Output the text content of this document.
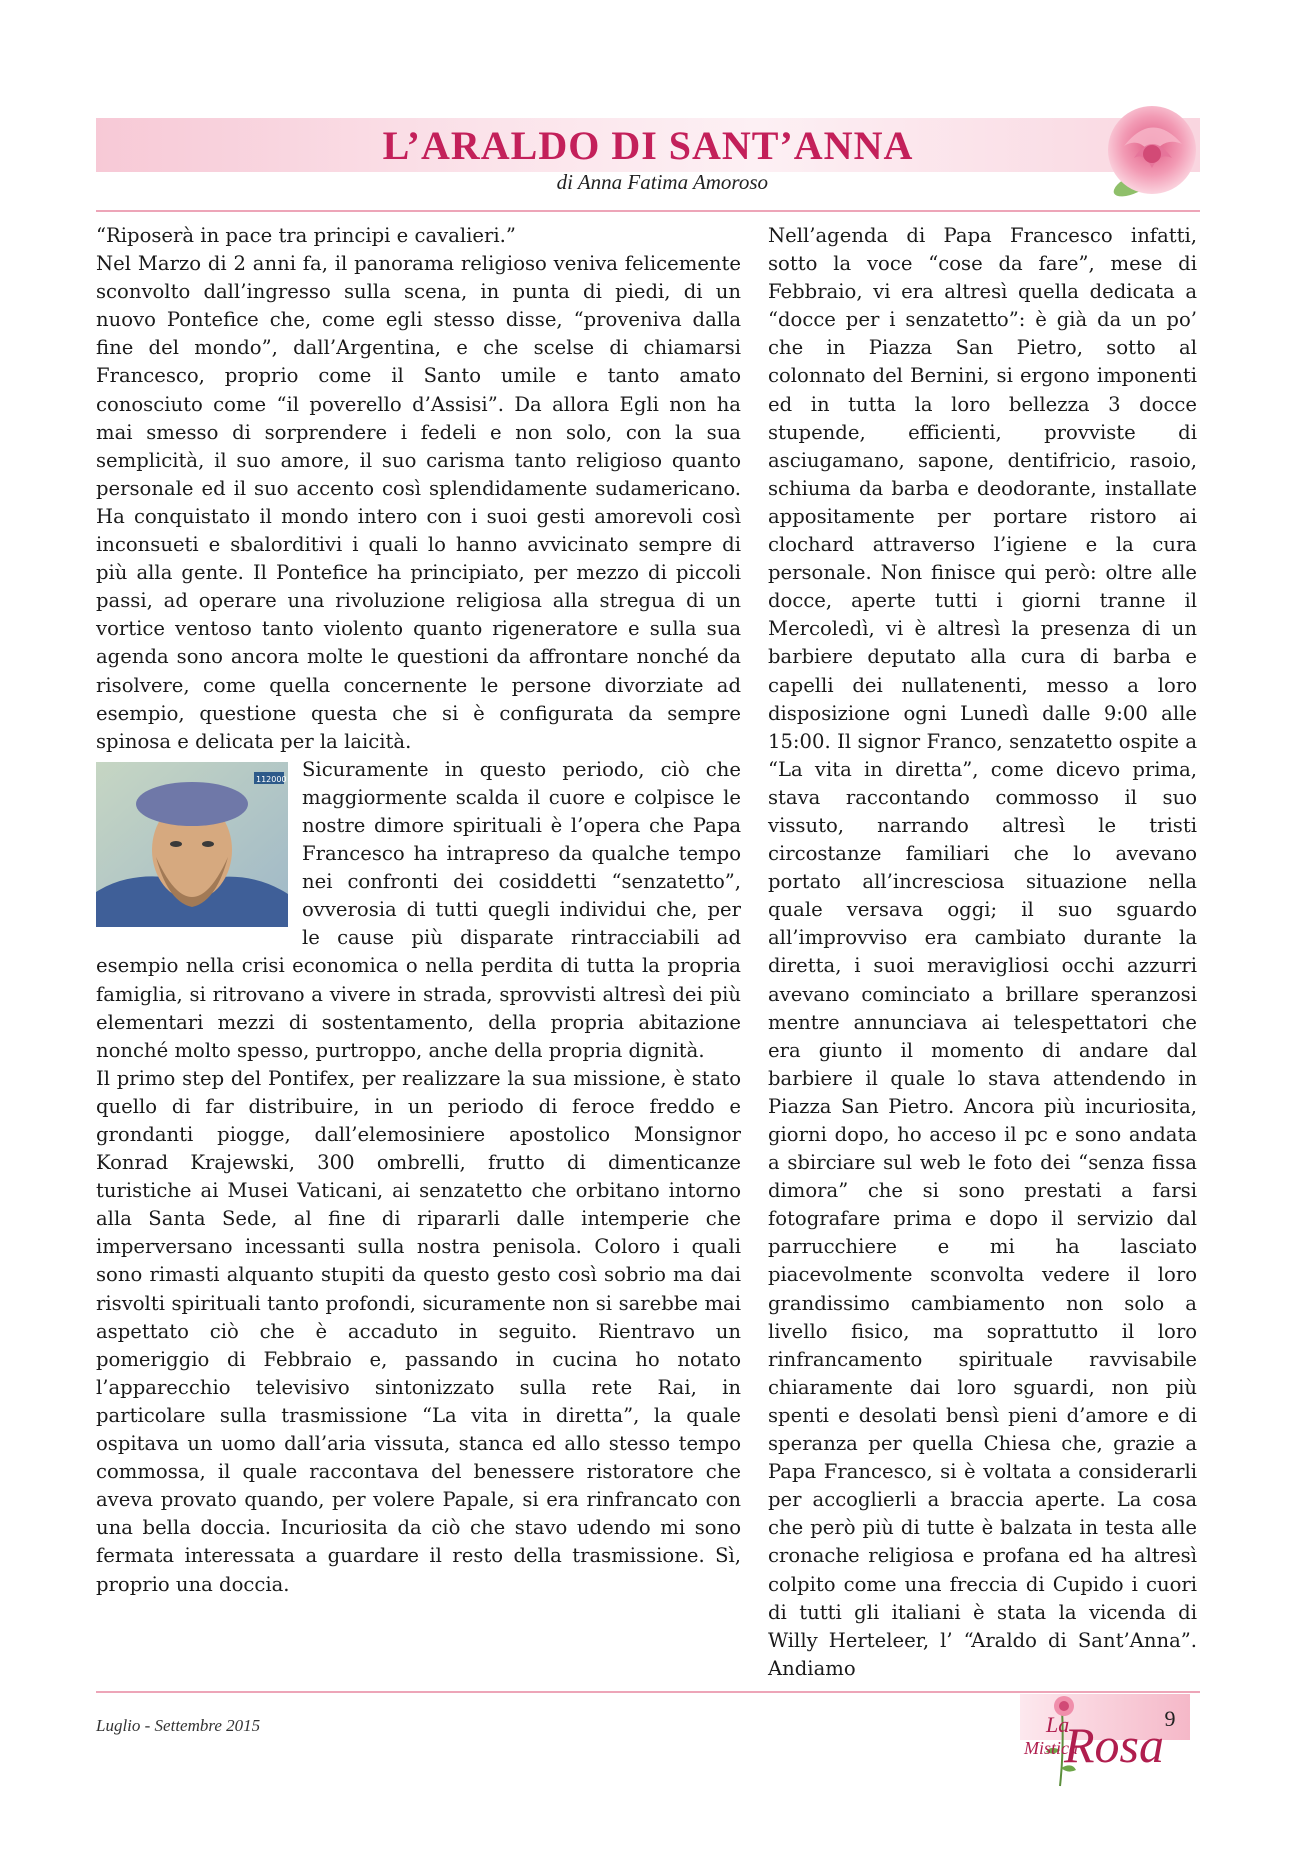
L’ARALDO DI SANT’ANNA
di Anna Fatima Amoroso

“Riposerà in pace tra principi e cavalieri.”

Nel Marzo di 2 anni fa, il panorama religioso veniva felicemente sconvolto dall’ingresso sulla scena, in punta di piedi, di un nuovo Pontefice che, come egli stesso disse, “proveniva dalla fine del mondo”, dall’Argentina, e che scelse di chiamarsi Francesco, proprio come il Santo umile e tanto amato conosciuto come “il poverello d’Assisi”. Da allora Egli non ha mai smesso di sorprendere i fedeli e non solo, con la sua semplicità, il suo amore, il suo carisma tanto religioso quanto personale ed il suo accento così splendidamente sudamericano. Ha conquistato il mondo intero con i suoi gesti amorevoli così inconsueti e sbalorditivi i quali lo hanno avvicinato sempre di più alla gente. Il Pontefice ha principiato, per mezzo di piccoli passi, ad operare una rivoluzione religiosa alla stregua di un vortice ventoso tanto violento quanto rigeneratore e sulla sua agenda sono ancora molte le questioni da affrontare nonché da risolvere, come quella concernente le persone divorziate ad esempio, questione questa che si è configurata da sempre spinosa e delicata per la laicità.

112000 Sicuramente in questo periodo, ciò che maggiormente scalda il cuore e colpisce le nostre dimore spirituali è l’opera che Papa Francesco ha intrapreso da qualche tempo nei confronti dei cosiddetti “senzatetto”, ovverosia di tutti quegli individui che, per le cause più disparate rintracciabili ad esempio nella crisi economica o nella perdita di tutta la propria famiglia, si ritrovano a vivere in strada, sprovvisti altresì dei più elementari mezzi di sostentamento, della propria abitazione nonché molto spesso, purtroppo, anche della propria dignità.

Il primo step del Pontifex, per realizzare la sua missione, è stato quello di far distribuire, in un periodo di feroce freddo e grondanti piogge, dall’elemosiniere apostolico Monsignor Konrad Krajewski, 300 ombrelli, frutto di dimenticanze turistiche ai Musei Vaticani, ai senzatetto che orbitano intorno alla Santa Sede, al fine di ripararli dalle intemperie che imperversano incessanti sulla nostra penisola. Coloro i quali sono rimasti alquanto stupiti da questo gesto così sobrio ma dai risvolti spirituali tanto profondi, sicuramente non si sarebbe mai aspettato ciò che è accaduto in seguito. Rientravo un pomeriggio di Febbraio e, passando in cucina ho notato l’apparecchio televisivo sintonizzato sulla rete Rai, in particolare sulla trasmissione “La vita in diretta”, la quale ospitava un uomo dall’aria vissuta, stanca ed allo stesso tempo commossa, il quale raccontava del benessere ristoratore che aveva provato quando, per volere Papale, si era rinfrancato con una bella doccia. Incuriosita da ciò che stavo udendo mi sono fermata interessata a guardare il resto della trasmissione. Sì, proprio una doccia.

Nell’agenda di Papa Francesco infatti, sotto la voce “cose da fare”, mese di Febbraio, vi era altresì quella dedicata a “docce per i senzatetto”: è già da un po’ che in Piazza San Pietro, sotto al colonnato del Bernini, si ergono imponenti ed in tutta la loro bellezza 3 docce stupende, efficienti, provviste di asciugamano, sapone, dentifricio, rasoio, schiuma da barba e deodorante, installate appositamente per portare ristoro ai clochard attraverso l’igiene e la cura personale. Non finisce qui però: oltre alle docce, aperte tutti i giorni tranne il Mercoledì, vi è altresì la presenza di un barbiere deputato alla cura di barba e capelli dei nullatenenti, messo a loro disposizione ogni Lunedì dalle 9:00 alle 15:00. Il signor Franco, senzatetto ospite a “La vita in diretta”, come dicevo prima, stava raccontando commosso il suo vissuto, narrando altresì le tristi circostanze familiari che lo avevano portato all’incresciosa situazione nella quale versava oggi; il suo sguardo all’improvviso era cambiato durante la diretta, i suoi meravigliosi occhi azzurri avevano cominciato a brillare speranzosi mentre annunciava ai telespettatori che era giunto il momento di andare dal barbiere il quale lo stava attendendo in Piazza San Pietro. Ancora più incuriosita, giorni dopo, ho acceso il pc e sono andata a sbirciare sul web le foto dei “senza fissa dimora” che si sono prestati a farsi fotografare prima e dopo il servizio dal parrucchiere e mi ha lasciato piacevolmente sconvolta vedere il loro grandissimo cambiamento non solo a livello fisico, ma soprattutto il loro rinfrancamento spirituale ravvisabile chiaramente dai loro sguardi, non più spenti e desolati bensì pieni d’amore e di speranza per quella Chiesa che, grazie a Papa Francesco, si è voltata a considerarli per accoglierli a braccia aperte. La cosa che però più di tutte è balzata in testa alle cronache religiosa e profana ed ha altresì colpito come una freccia di Cupido i cuori di tutti gli italiani è stata la vicenda di Willy Herteleer, l’ “Araldo di Sant’Anna”. Andiamo

Luglio - Settembre 2015	La
Mistica
Rosa 9
